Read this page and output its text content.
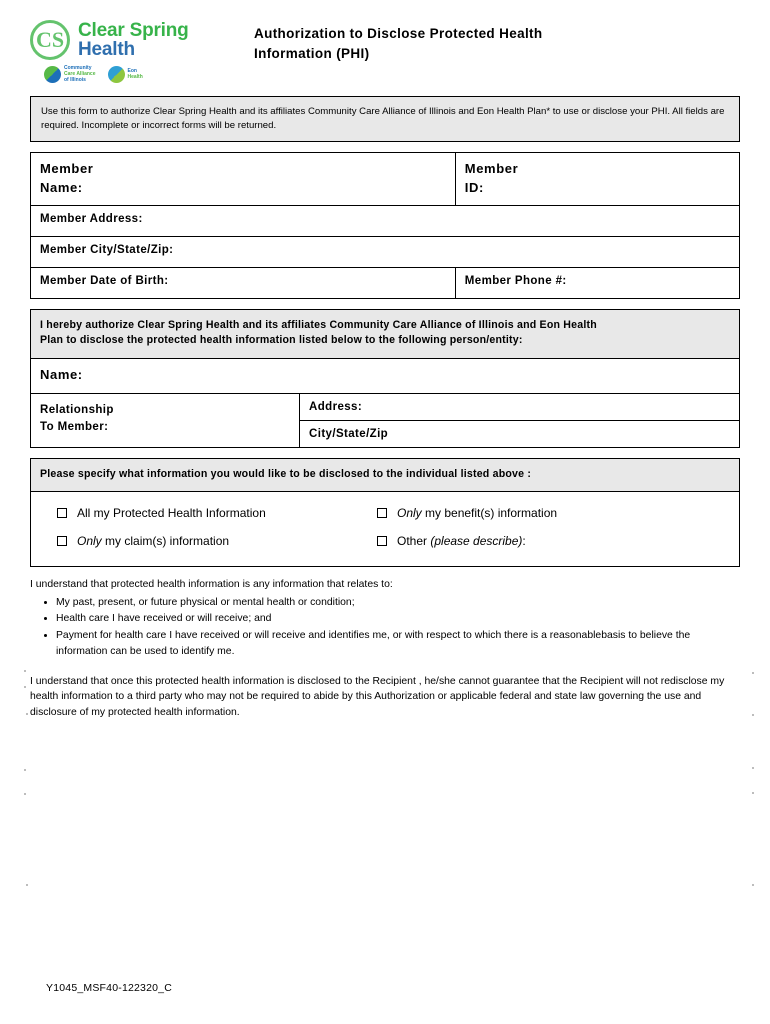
CS Clear Spring
Health
Community
Care Alliance
of Illinois
Eon
Health
Authorization to Disclose Protected Health
Information (PHI)
Use this form to authorize Clear Spring Health and its affiliates Community Care Alliance of Illinois and Eon Health Plan* to use or disclose your PHI. All fields are required. Incomplete or incorrect forms will be returned.
Member
Name:
Member
ID:
Member Address:
Member City/State/Zip:
Member Date of Birth:	Member Phone #:
I hereby authorize Clear Spring Health and its affiliates Community Care Alliance of Illinois and Eon Health
Plan to disclose the protected health information listed below to the following person/entity:
Name:
Relationship
To Member:
Address:
City/State/Zip
Please specify what information you would like to be disclosed to the individual listed above :
All my Protected Health Information	Only my benefit(s) information
Only my claim(s) information	Other (please describe):
I understand that protected health information is any information that relates to:
• My past, present, or future physical or mental health or condition;
• Health care I have received or will receive; and
• Payment for health care I have received or will receive and identifies me, or with respect to which there is a reasonablebasis to believe the information can be used to identify me.
I understand that once this protected health information is disclosed to the Recipient , he/she cannot guarantee that the Recipient will not redisclose my health information to a third party who may not be required to abide by this Authorization or applicable federal and state law governing the use and disclosure of my protected health information.
Y1045_MSF40-122320_C
